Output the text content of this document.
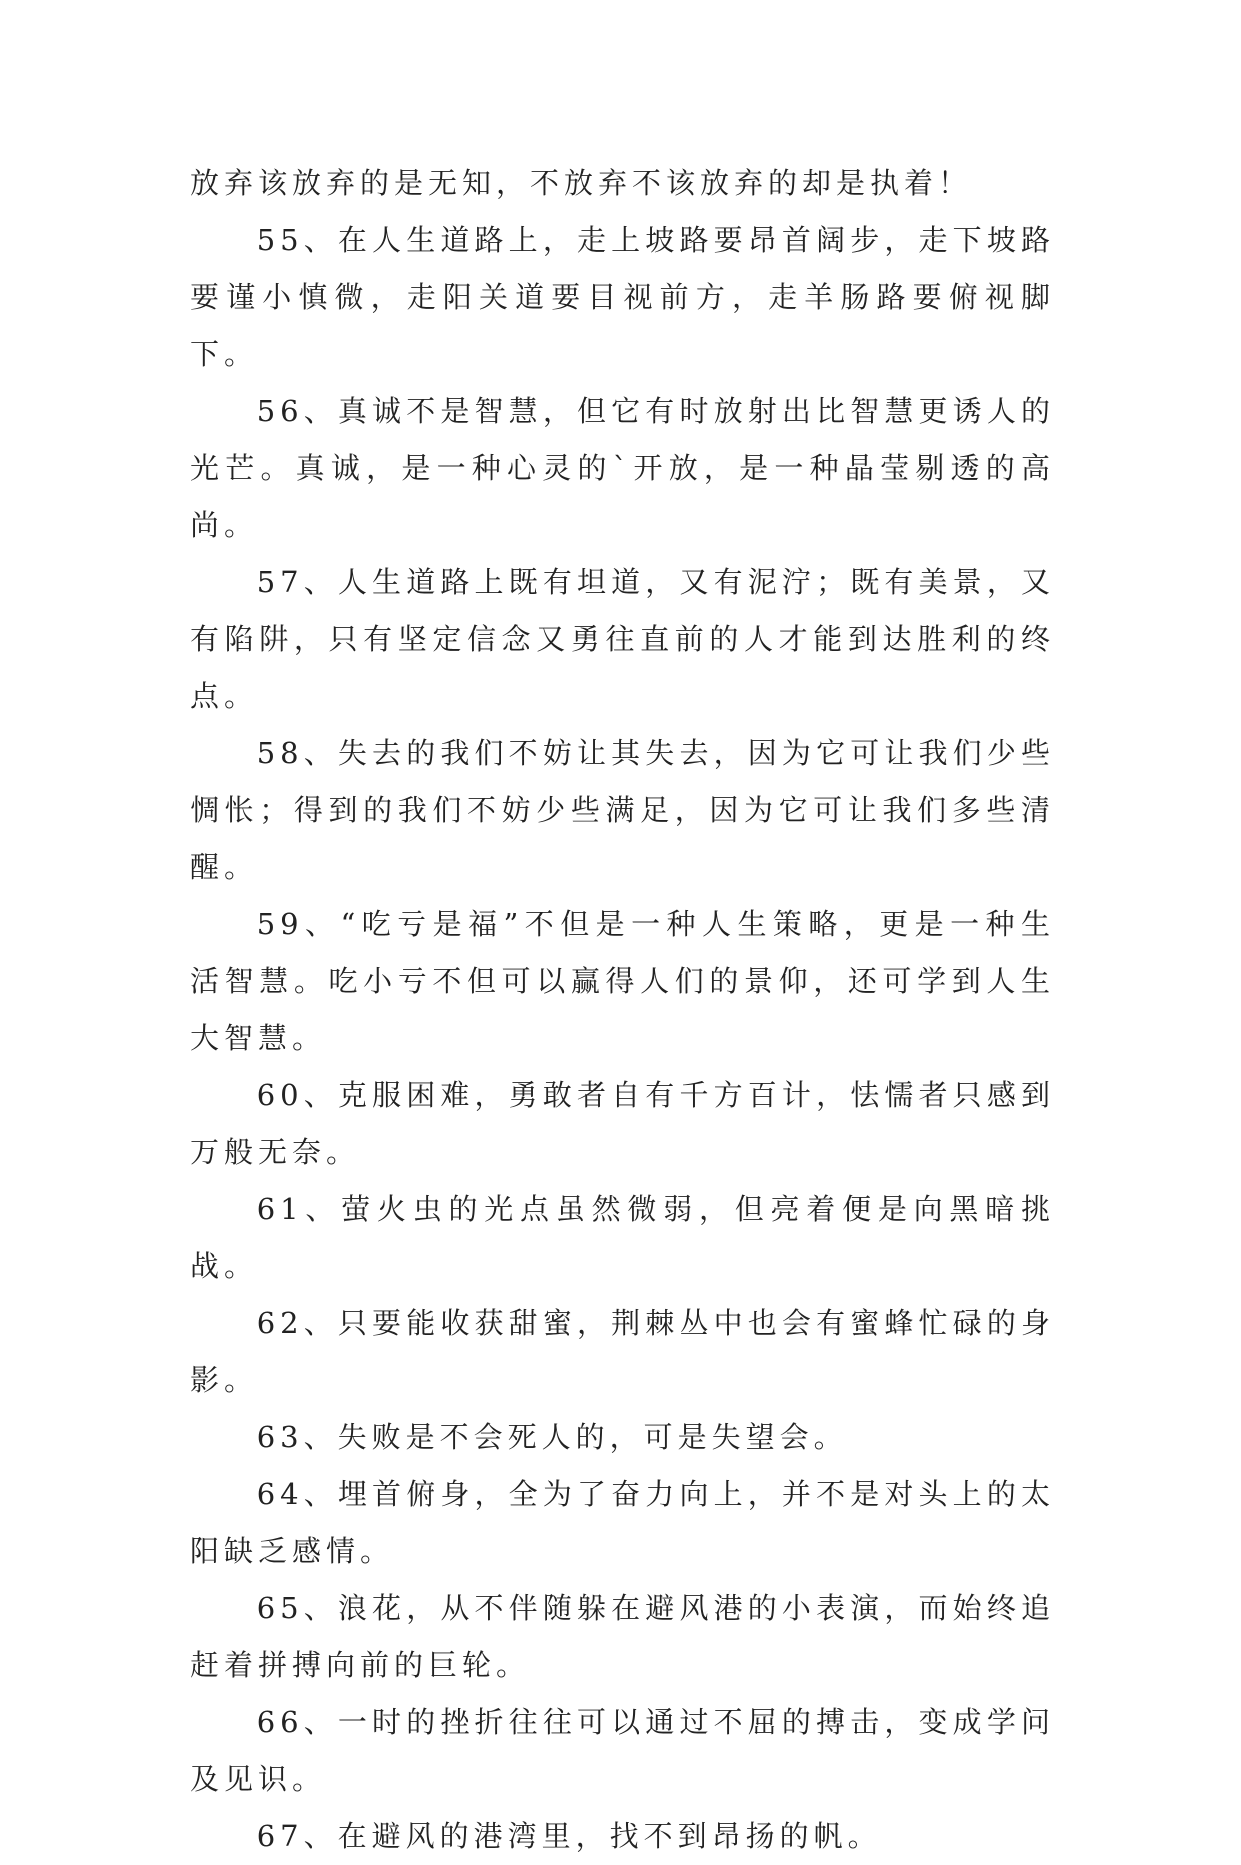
放弃该放弃的是无知，不放弃不该放弃的却是执着！

55、在人生道路上，走上坡路要昂首阔步，走下坡路要谨小慎微，走阳关道要目视前方，走羊肠路要俯视脚下。

56、真诚不是智慧，但它有时放射出比智慧更诱人的光芒。真诚，是一种心灵的`开放，是一种晶莹剔透的高尚。

57、人生道路上既有坦道，又有泥泞；既有美景，又有陷阱，只有坚定信念又勇往直前的人才能到达胜利的终点。

58、失去的我们不妨让其失去，因为它可让我们少些惆怅；得到的我们不妨少些满足，因为它可让我们多些清醒。

59、“吃亏是福”不但是一种人生策略，更是一种生活智慧。吃小亏不但可以赢得人们的景仰，还可学到人生大智慧。

60、克服困难，勇敢者自有千方百计，怯懦者只感到万般无奈。

61、萤火虫的光点虽然微弱，但亮着便是向黑暗挑战。

62、只要能收获甜蜜，荆棘丛中也会有蜜蜂忙碌的身影。

63、失败是不会死人的，可是失望会。

64、埋首俯身，全为了奋力向上，并不是对头上的太阳缺乏感情。

65、浪花，从不伴随躲在避风港的小表演，而始终追赶着拼搏向前的巨轮。

66、一时的挫折往往可以通过不屈的搏击，变成学问及见识。

67、在避风的港湾里，找不到昂扬的帆。
